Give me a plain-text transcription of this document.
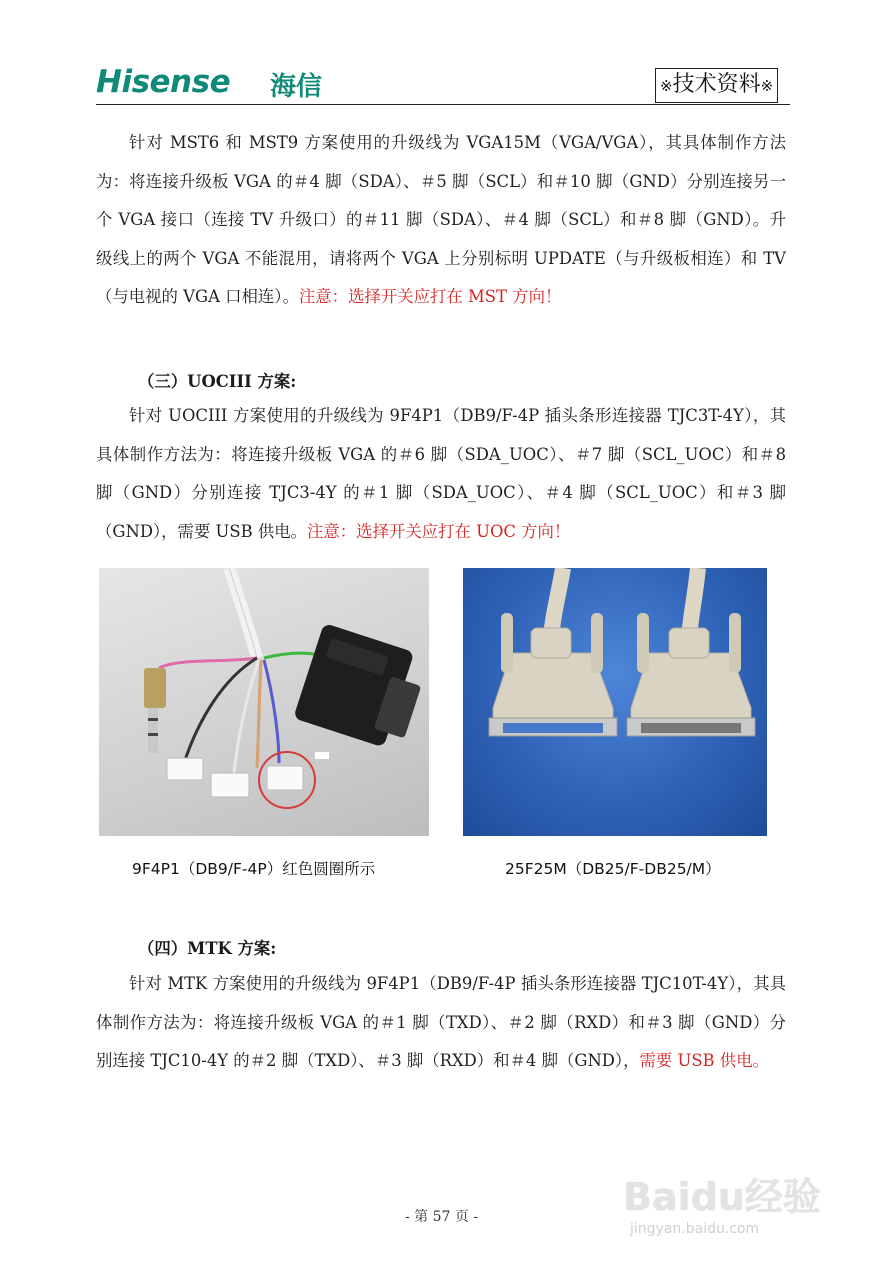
Hisense 海信	※技术资料※
针对 MST6 和 MST9 方案使用的升级线为 VGA15M（VGA/VGA），其具体制作方法为：将连接升级板 VGA 的＃4 脚（SDA）、＃5 脚（SCL）和＃10 脚（GND）分别连接另一个 VGA 接口（连接 TV 升级口）的＃11 脚（SDA）、＃4 脚（SCL）和＃8 脚（GND）。升级线上的两个 VGA 不能混用，请将两个 VGA 上分别标明 UPDATE（与升级板相连）和 TV（与电视的 VGA 口相连）。注意：选择开关应打在 MST 方向！
（三）UOCIII 方案:
针对 UOCIII 方案使用的升级线为 9F4P1（DB9/F-4P 插头条形连接器 TJC3T-4Y），其具体制作方法为：将连接升级板 VGA 的＃6 脚（SDA_UOC）、＃7 脚（SCL_UOC）和＃8 脚（GND）分别连接 TJC3-4Y 的＃1 脚（SDA_UOC）、＃4 脚（SCL_UOC）和＃3 脚（GND），需要 USB 供电。注意：选择开关应打在 UOC 方向！
9F4P1（DB9/F-4P）红色圆圈所示	25F25M（DB25/F-DB25/M）
（四）MTK 方案:
针对 MTK 方案使用的升级线为 9F4P1（DB9/F-4P 插头条形连接器 TJC10T-4Y），其具体制作方法为：将连接升级板 VGA 的＃1 脚（TXD）、＃2 脚（RXD）和＃3 脚（GND）分别连接 TJC10-4Y 的＃2 脚（TXD）、＃3 脚（RXD）和＃4 脚（GND），需要 USB 供电。
- 第 57 页 -	Baidu经验
jingyan.baidu.com
